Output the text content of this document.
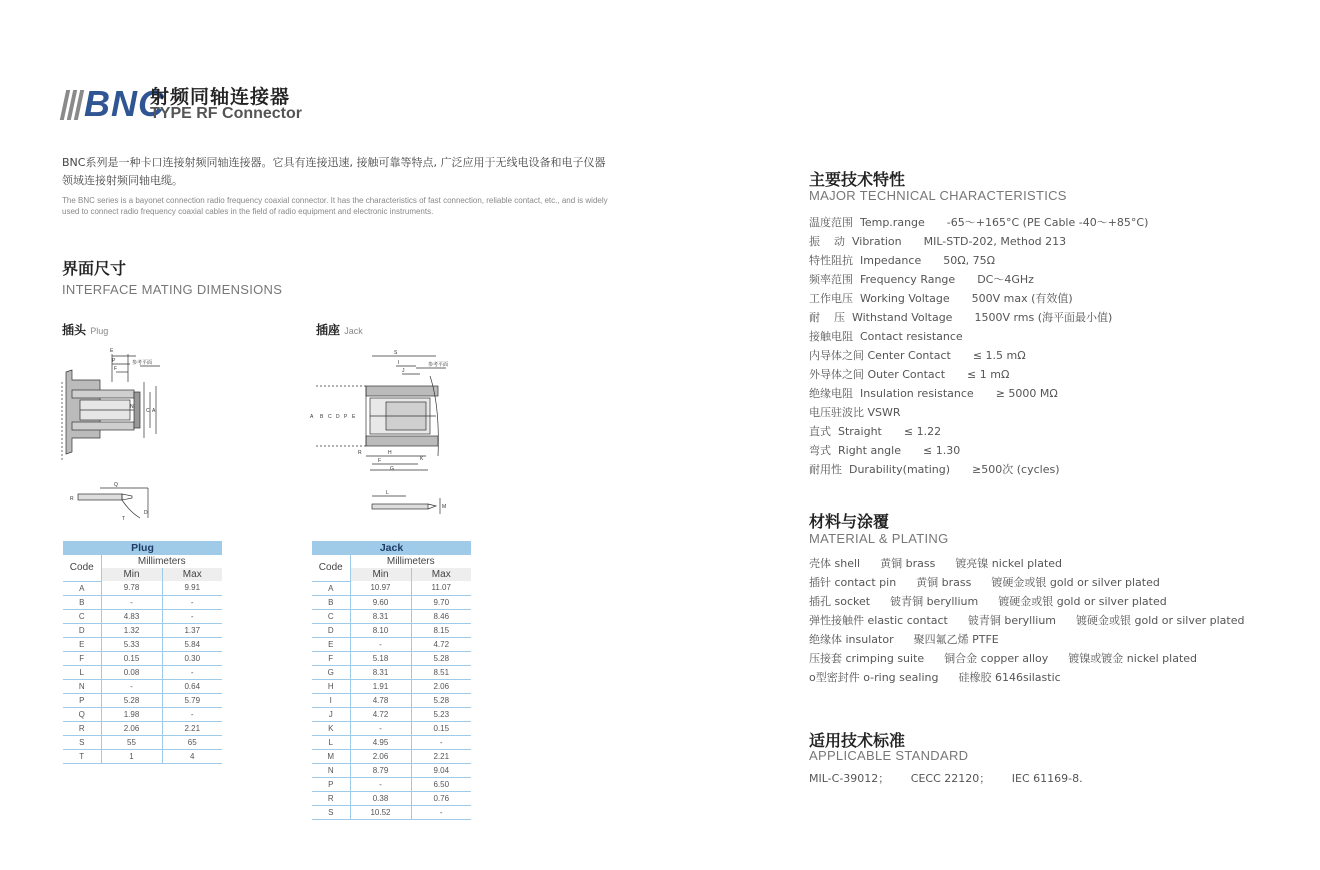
BNC
射频同轴连接器
TYPE RF Connector
BNC系列是一种卡口连接射频同轴连接器。它具有连接迅速, 接触可靠等特点, 广泛应用于无线电设备和电子仪器领域连接射频同轴电缆。
The BNC series is a bayonet connection radio frequency coaxial connector. It has the characteristics of fast connection, reliable contact, etc., and is widely used to connect radio frequency coaxial cables in the field of radio equipment and electronic instruments.
界面尺寸
INTERFACE MATING DIMENSIONS
插头 Plug	插座 Jack
E
P
F
参考平面
N
C A
R
Q
D
T
S
I
J
参考平面
A B C D P E
R	H
F
G
K
L
M
Plug		
Code	Millimeters	
	Min	Max
A	9.78	9.91
B	-	-
C	4.83	-
D	1.32	1.37
E	5.33	5.84
F	0.15	0.30
L	0.08	-
N	-	0.64
P	5.28	5.79
Q	1.98	-
R	2.06	2.21
S	55	65
T	1	4
Jack		
Code	Millimeters	
	Min	Max
A	10.97	11.07
B	9.60	9.70
C	8.31	8.46
D	8.10	8.15
E	-	4.72
F	5.18	5.28
G	8.31	8.51
H	1.91	2.06
I	4.78	5.28
J	4.72	5.23
K	-	0.15
L	4.95	-
M	2.06	2.21
N	8.79	9.04
P	-	6.50
R	0.38	0.76
S	10.52	-
主要技术特性
MAJOR TECHNICAL CHARACTERISTICS
温度范围  Temp.range -65～+165°C (PE Cable -40～+85°C)
振    动  Vibration MIL-STD-202, Method 213
特性阻抗  Impedance 50Ω, 75Ω
频率范围  Frequency Range DC～4GHz
工作电压  Working Voltage 500V max (有效值)
耐    压  Withstand Voltage 1500V rms (海平面最小值)
接触电阻  Contact resistance
内导体之间 Center Contact ≤ 1.5 mΩ
外导体之间 Outer Contact ≤ 1 mΩ
绝缘电阻  Insulation resistance ≥ 5000 MΩ
电压驻波比 VSWR
直式  Straight ≤ 1.22
弯式  Right angle ≤ 1.30
耐用性  Durability(mating) ≥500次 (cycles)
材料与涂覆
MATERIAL & PLATING
壳体 shell 黄铜 brass 镀亮镍 nickel plated
插针 contact pin 黄铜 brass 镀硬金或银 gold or silver plated
插孔 socket 铍青铜 beryllium 镀硬金或银 gold or silver plated
弹性接触件 elastic contact 铍青铜 beryllium 镀硬金或银 gold or silver plated
绝缘体 insulator 聚四氟乙烯 PTFE
压接套 crimping suite 铜合金 copper alloy 镀镍或镀金 nickel plated
o型密封件 o-ring sealing 硅橡胶 6146silastic
适用技术标准
APPLICABLE STANDARD
MIL-C-39012； CECC 22120； IEC 61169-8.
